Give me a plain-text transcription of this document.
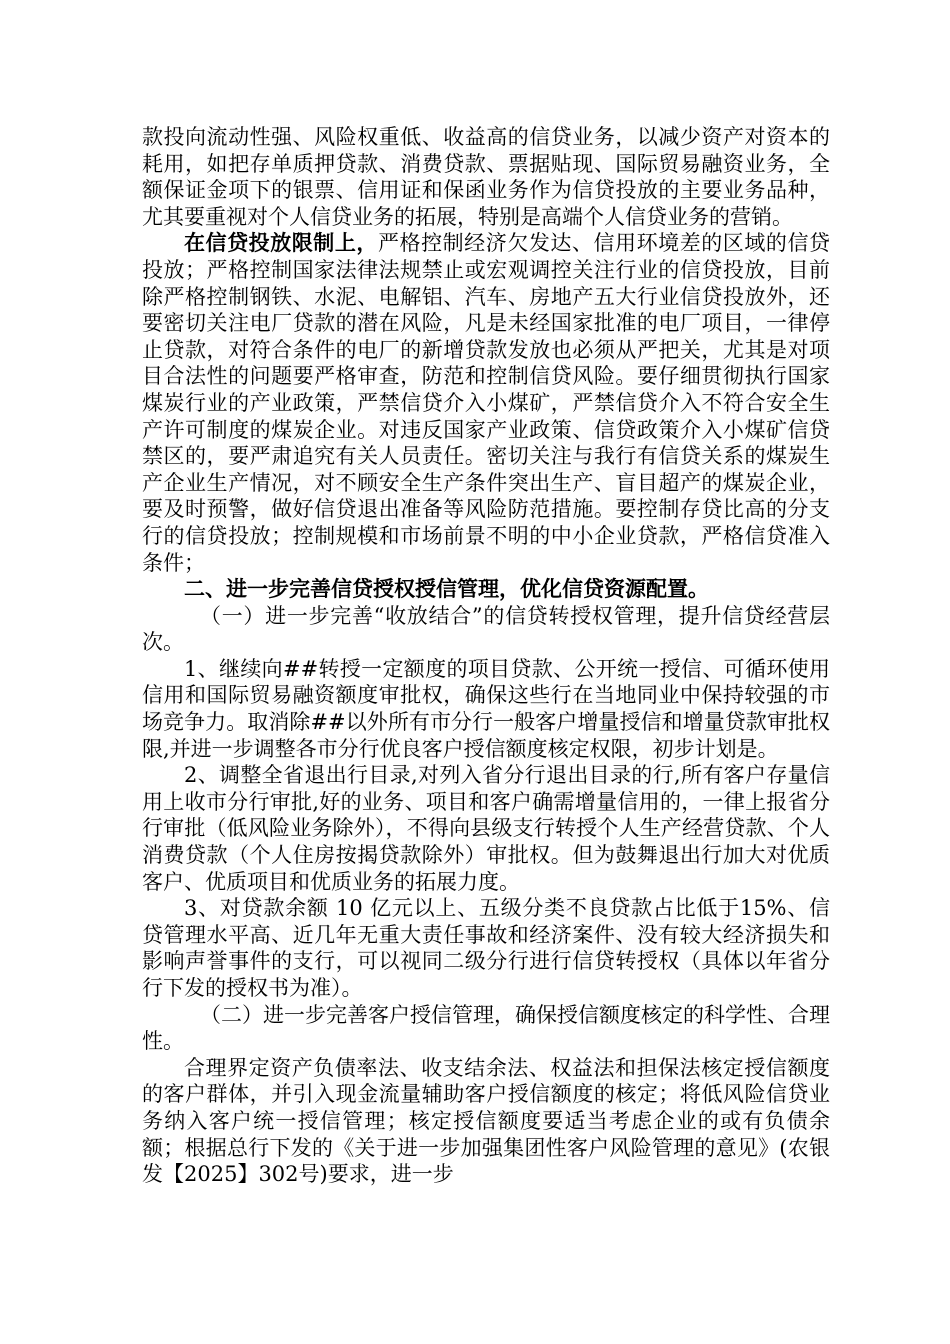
款投向流动性强、风险权重低、收益高的信贷业务，以减少资产对资本的耗用，如把存单质押贷款、消费贷款、票据贴现、国际贸易融资业务，全额保证金项下的银票、信用证和保函业务作为信贷投放的主要业务品种，尤其要重视对个人信贷业务的拓展，特别是高端个人信贷业务的营销。

在信贷投放限制上，严格控制经济欠发达、信用环境差的区域的信贷投放；严格控制国家法律法规禁止或宏观调控关注行业的信贷投放，目前除严格控制钢铁、水泥、电解铝、汽车、房地产五大行业信贷投放外，还要密切关注电厂贷款的潜在风险，凡是未经国家批准的电厂项目，一律停止贷款，对符合条件的电厂的新增贷款发放也必须从严把关，尤其是对项目合法性的问题要严格审查，防范和控制信贷风险。要仔细贯彻执行国家煤炭行业的产业政策，严禁信贷介入小煤矿，严禁信贷介入不符合安全生产许可制度的煤炭企业。对违反国家产业政策、信贷政策介入小煤矿信贷禁区的，要严肃追究有关人员责任。密切关注与我行有信贷关系的煤炭生产企业生产情况，对不顾安全生产条件突出生产、盲目超产的煤炭企业，要及时预警，做好信贷退出准备等风险防范措施。要控制存贷比高的分支行的信贷投放；控制规模和市场前景不明的中小企业贷款，严格信贷准入条件；

二、进一步完善信贷授权授信管理，优化信贷资源配置。

（一）进一步完善“收放结合”的信贷转授权管理，提升信贷经营层次。

1、继续向##转授一定额度的项目贷款、公开统一授信、可循环使用信用和国际贸易融资额度审批权，确保这些行在当地同业中保持较强的市场竞争力。取消除##以外所有市分行一般客户增量授信和增量贷款审批权限,并进一步调整各市分行优良客户授信额度核定权限，初步计划是。

2、调整全省退出行目录,对列入省分行退出目录的行,所有客户存量信用上收市分行审批,好的业务、项目和客户确需增量信用的，一律上报省分行审批（低风险业务除外），不得向县级支行转授个人生产经营贷款、个人消费贷款（个人住房按揭贷款除外）审批权。但为鼓舞退出行加大对优质客户、优质项目和优质业务的拓展力度。

3、对贷款余额 10 亿元以上、五级分类不良贷款占比低于15%、信贷管理水平高、近几年无重大责任事故和经济案件、没有较大经济损失和影响声誉事件的支行，可以视同二级分行进行信贷转授权（具体以年省分行下发的授权书为准）。

（二）进一步完善客户授信管理，确保授信额度核定的科学性、合理性。

合理界定资产负债率法、收支结余法、权益法和担保法核定授信额度的客户群体，并引入现金流量辅助客户授信额度的核定；将低风险信贷业务纳入客户统一授信管理；核定授信额度要适当考虑企业的或有负债余额；根据总行下发的《关于进一步加强集团性客户风险管理的意见》(农银发【2025】302号)要求，进一步
